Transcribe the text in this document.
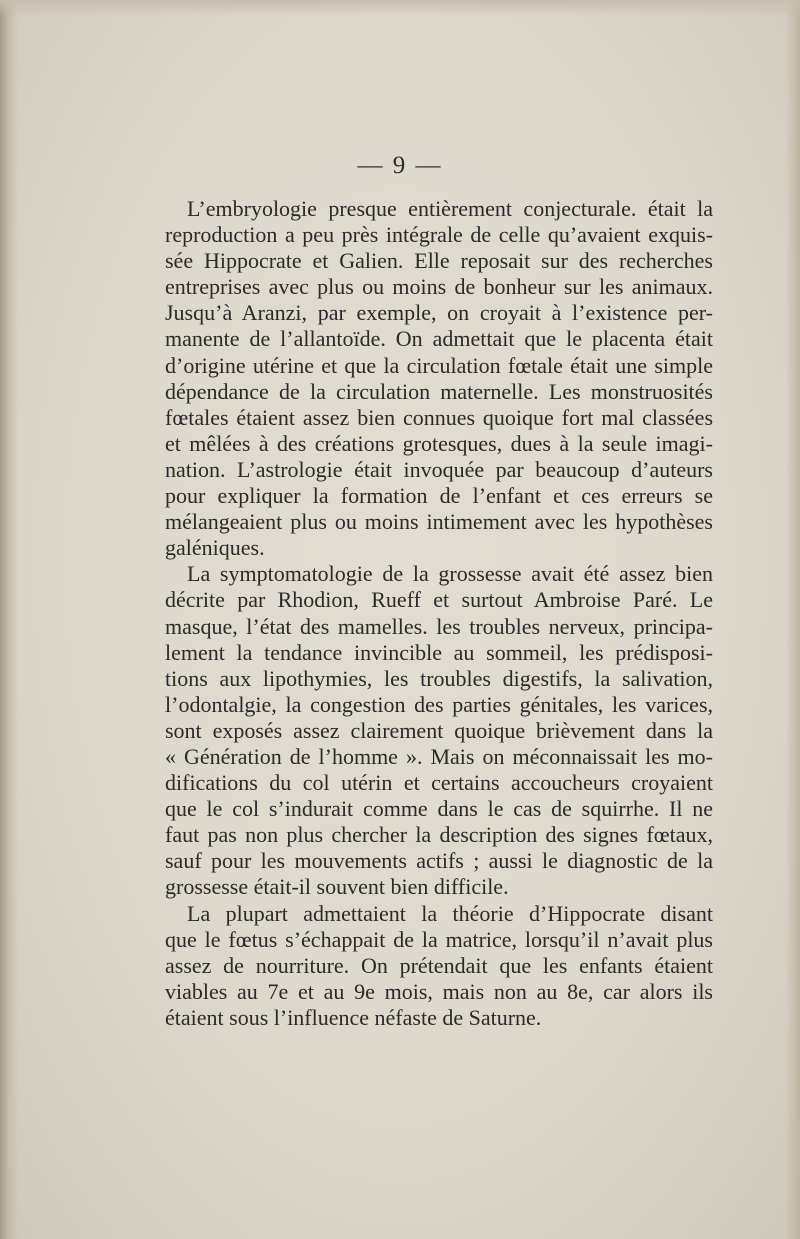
— 9 —
L’embryologie presque entièrement conjecturale. était la
reproduction a peu près intégrale de celle qu’avaient exquis-
sée Hippocrate et Galien. Elle reposait sur des recherches
entreprises avec plus ou moins de bonheur sur les animaux.
Jusqu’à Aranzi, par exemple, on croyait à l’existence per-
manente de l’allantoïde. On admettait que le placenta était
d’origine utérine et que la circulation fœtale était une simple
dépendance de la circulation maternelle. Les monstruosités
fœtales étaient assez bien connues quoique fort mal classées
et mêlées à des créations grotesques, dues à la seule imagi-
nation. L’astrologie était invoquée par beaucoup d’auteurs
pour expliquer la formation de l’enfant et ces erreurs se
mélangeaient plus ou moins intimement avec les hypothèses
galéniques.
La symptomatologie de la grossesse avait été assez bien
décrite par Rhodion, Rueff et surtout Ambroise Paré. Le
masque, l’état des mamelles. les troubles nerveux, principa-
lement la tendance invincible au sommeil, les prédisposi-
tions aux lipothymies, les troubles digestifs, la salivation,
l’odontalgie, la congestion des parties génitales, les varices,
sont exposés assez clairement quoique brièvement dans la
« Génération de l’homme ». Mais on méconnaissait les mo-
difications du col utérin et certains accoucheurs croyaient
que le col s’indurait comme dans le cas de squirrhe. Il ne
faut pas non plus chercher la description des signes fœtaux,
sauf pour les mouvements actifs ; aussi le diagnostic de la
grossesse était-il souvent bien difficile.
La plupart admettaient la théorie d’Hippocrate disant
que le fœtus s’échappait de la matrice, lorsqu’il n’avait plus
assez de nourriture. On prétendait que les enfants étaient
viables au 7e et au 9e mois, mais non au 8e, car alors ils
étaient sous l’influence néfaste de Saturne.
